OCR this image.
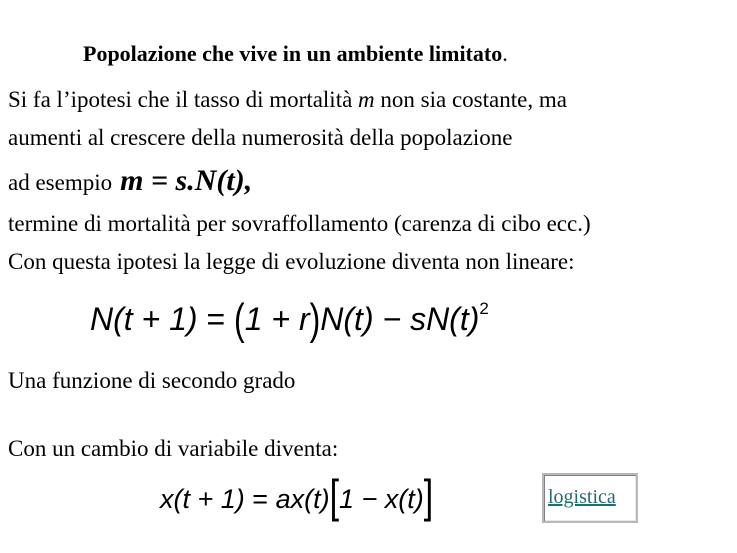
Popolazione che vive in un ambiente limitato.
Si fa l’ipotesi che il tasso di mortalità m non sia costante, ma
aumenti al crescere della numerosità della popolazione
ad esempio m = s.N(t),
termine di mortalità per sovraffollamento (carenza di cibo ecc.)
Con questa ipotesi la legge di evoluzione diventa non lineare:
$N(t + 1) = (1 + r)N(t) - sN(t)^2$
Una funzione di secondo grado
Con un cambio di variabile diventa:
x(t + 1) = ax(t)[1 − x(t)]	logistica
